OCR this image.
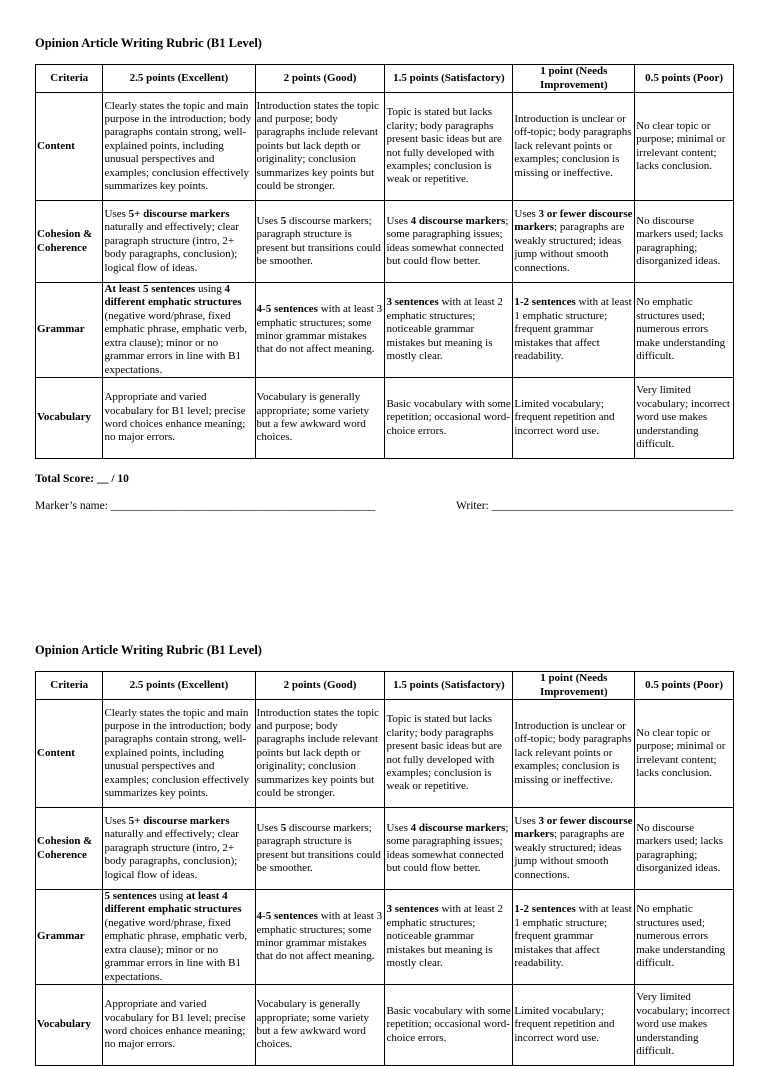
Opinion Article Writing Rubric (B1 Level)

Criteria	2.5 points (Excellent)	2 points (Good)	1.5 points (Satisfactory)	1 point (Needs Improvement)	0.5 points (Poor)
Content	Clearly states the topic and main purpose in the introduction; body paragraphs contain strong, well-explained points, including unusual perspectives and examples; conclusion effectively summarizes key points.	Introduction states the topic and purpose; body paragraphs include relevant points but lack depth or originality; conclusion summarizes key points but could be stronger.	Topic is stated but lacks clarity; body paragraphs present basic ideas but are not fully developed with examples; conclusion is weak or repetitive.	Introduction is unclear or off-topic; body paragraphs lack relevant points or examples; conclusion is missing or ineffective.	No clear topic or purpose; minimal or irrelevant content; lacks conclusion.
Cohesion & Coherence	Uses 5+ discourse markers naturally and effectively; clear paragraph structure (intro, 2+ body paragraphs, conclusion); logical flow of ideas.	Uses 5 discourse markers; paragraph structure is present but transitions could be smoother.	Uses 4 discourse markers; some paragraphing issues; ideas somewhat connected but could flow better.	Uses 3 or fewer discourse markers; paragraphs are weakly structured; ideas jump without smooth connections.	No discourse markers used; lacks paragraphing; disorganized ideas.
Grammar	At least 5 sentences using 4 different emphatic structures (negative word/phrase, fixed emphatic phrase, emphatic verb, extra clause); minor or no grammar errors in line with B1 expectations.	4-5 sentences with at least 3 emphatic structures; some minor grammar mistakes that do not affect meaning.	3 sentences with at least 2 emphatic structures; noticeable grammar mistakes but meaning is mostly clear.	1-2 sentences with at least 1 emphatic structure; frequent grammar mistakes that affect readability.	No emphatic structures used; numerous errors make understanding difficult.
Vocabulary	Appropriate and varied vocabulary for B1 level; precise word choices enhance meaning; no major errors.	Vocabulary is generally appropriate; some variety but a few awkward word choices.	Basic vocabulary with some repetition; occasional word-choice errors.	Limited vocabulary; frequent repetition and incorrect word use.	Very limited vocabulary; incorrect word use makes understanding difficult.
Total Score: __ / 10
Marker’s name: ______________________________________________	Writer: __________________________________________

Opinion Article Writing Rubric (B1 Level)

Criteria	2.5 points (Excellent)	2 points (Good)	1.5 points (Satisfactory)	1 point (Needs Improvement)	0.5 points (Poor)
Content	Clearly states the topic and main purpose in the introduction; body paragraphs contain strong, well-explained points, including unusual perspectives and examples; conclusion effectively summarizes key points.	Introduction states the topic and purpose; body paragraphs include relevant points but lack depth or originality; conclusion summarizes key points but could be stronger.	Topic is stated but lacks clarity; body paragraphs present basic ideas but are not fully developed with examples; conclusion is weak or repetitive.	Introduction is unclear or off-topic; body paragraphs lack relevant points or examples; conclusion is missing or ineffective.	No clear topic or purpose; minimal or irrelevant content; lacks conclusion.
Cohesion & Coherence	Uses 5+ discourse markers naturally and effectively; clear paragraph structure (intro, 2+ body paragraphs, conclusion); logical flow of ideas.	Uses 5 discourse markers; paragraph structure is present but transitions could be smoother.	Uses 4 discourse markers; some paragraphing issues; ideas somewhat connected but could flow better.	Uses 3 or fewer discourse markers; paragraphs are weakly structured; ideas jump without smooth connections.	No discourse markers used; lacks paragraphing; disorganized ideas.
Grammar	5 sentences using at least 4 different emphatic structures (negative word/phrase, fixed emphatic phrase, emphatic verb, extra clause); minor or no grammar errors in line with B1 expectations.	4-5 sentences with at least 3 emphatic structures; some minor grammar mistakes that do not affect meaning.	3 sentences with at least 2 emphatic structures; noticeable grammar mistakes but meaning is mostly clear.	1-2 sentences with at least 1 emphatic structure; frequent grammar mistakes that affect readability.	No emphatic structures used; numerous errors make understanding difficult.
Vocabulary	Appropriate and varied vocabulary for B1 level; precise word choices enhance meaning; no major errors.	Vocabulary is generally appropriate; some variety but a few awkward word choices.	Basic vocabulary with some repetition; occasional word-choice errors.	Limited vocabulary; frequent repetition and incorrect word use.	Very limited vocabulary; incorrect word use makes understanding difficult.
